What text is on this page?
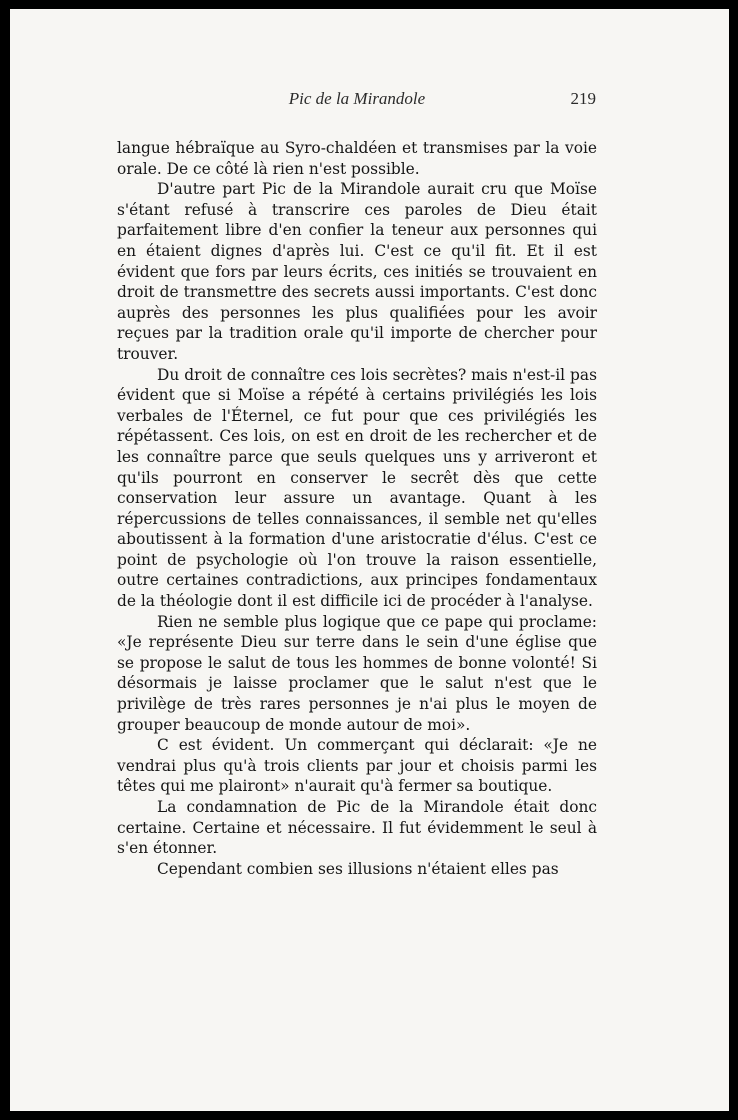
Pic de la Mirandole	219

langue hébraïque au Syro-chaldéen et transmises par la voie orale. De ce côté là rien n'est possible.

D'autre part Pic de la Mirandole aurait cru que Moïse s'étant refusé à transcrire ces paroles de Dieu était parfaitement libre d'en confier la teneur aux personnes qui en étaient dignes d'après lui. C'est ce qu'il fit. Et il est évident que fors par leurs écrits, ces initiés se trouvaient en droit de transmettre des secrets aussi importants. C'est donc auprès des personnes les plus qualifiées pour les avoir reçues par la tradition orale qu'il importe de chercher pour trouver.

Du droit de connaître ces lois secrètes? mais n'est-il pas évident que si Moïse a répété à certains privilégiés les lois verbales de l'Éternel, ce fut pour que ces privilégiés les répétassent. Ces lois, on est en droit de les rechercher et de les connaître parce que seuls quelques uns y arriveront et qu'ils pourront en conserver le secrêt dès que cette conservation leur assure un avantage. Quant à les répercussions de telles connaissances, il semble net qu'elles aboutissent à la formation d'une aristocratie d'élus. C'est ce point de psychologie où l'on trouve la raison essentielle, outre certaines contradictions, aux principes fondamentaux de la théologie dont il est difficile ici de procéder à l'analyse.

Rien ne semble plus logique que ce pape qui proclame: «Je représente Dieu sur terre dans le sein d'une église que se propose le salut de tous les hommes de bonne volonté! Si désormais je laisse proclamer que le salut n'est que le privilège de très rares personnes je n'ai plus le moyen de grouper beaucoup de monde autour de moi».

C est évident. Un commerçant qui déclarait: «Je ne vendrai plus qu'à trois clients par jour et choisis parmi les têtes qui me plairont» n'aurait qu'à fermer sa boutique.

La condamnation de Pic de la Mirandole était donc certaine. Certaine et nécessaire. Il fut évidemment le seul à s'en étonner.

Cependant combien ses illusions n'étaient elles pas
